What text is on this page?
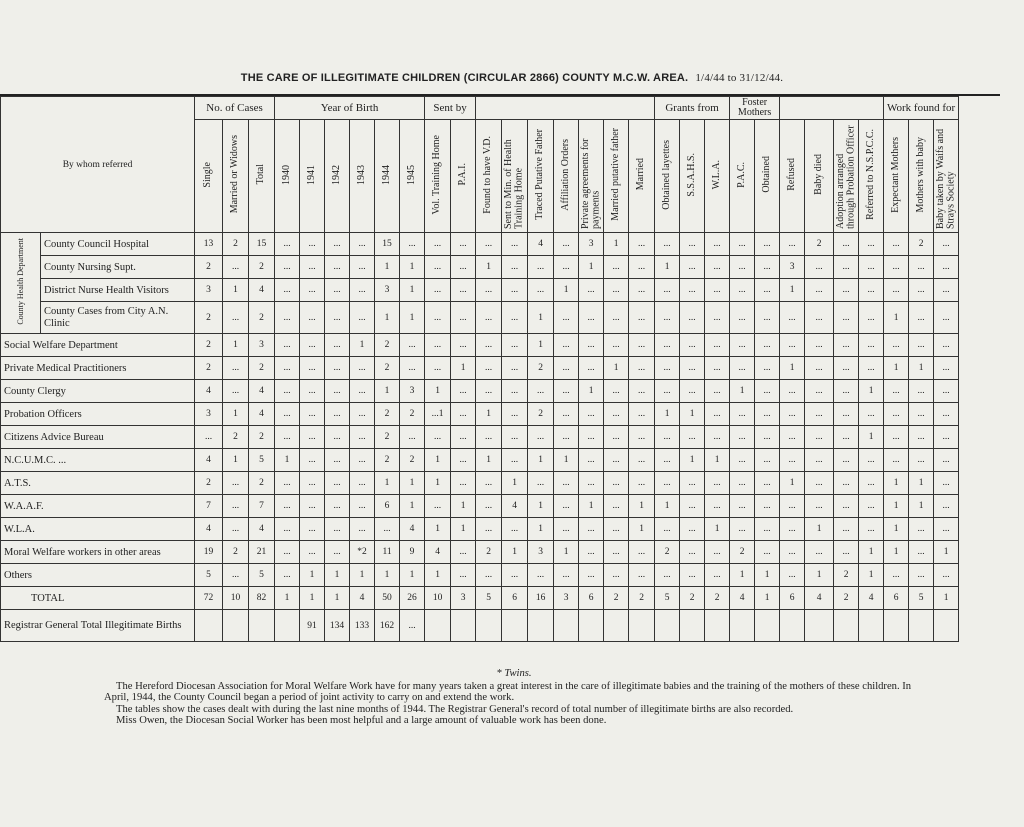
THE CARE OF ILLEGITIMATE CHILDREN (CIRCULAR 2866) COUNTY M.C.W. AREA. 1/4/44 to 31/12/44.
By whom referred		No. of Cases			Year of Birth						Sent by									Grants from			Foster Mothers						Work found for		
		Single	Married or Widows	Total	1940	1941	1942	1943	1944	1945	Vol. Training Home	P.A.I.	Found to have V.D.	Sent to Min. of Health Training Home	Traced Putative Father	Affiliation Orders	Private agreements for payments	Married putative father	Married	Obtained layettes	S.S.A.H.S.	W.L.A.	P.A.C.	Obtained	Refused	Baby died	Adoption arranged through Probation Officer	Referred to N.S.P.C.C.	Expectant Mothers	Mothers with baby	Baby taken by Waifs and Strays Society
County Health Department	County Council Hospital	13	2	15	...	...	...	...	15	...	...	...	...	...	4	...	3	1	...	...	...	...	...	...	...	2	...	...	...	2	...
	County Nursing Supt.	2	...	2	...	...	...	...	1	1	...	...	1	...	...	...	1	...	...	1	...	...	...	...	3	...	...	...	...	...	...
	District Nurse Health Visitors	3	1	4	...	...	...	...	3	1	...	...	...	...	...	1	...	...	...	...	...	...	...	...	1	...	...	...	...	...	...
	County Cases from City A.N. Clinic	2	...	2	...	...	...	...	1	1	...	...	...	...	1	...	...	...	...	...	...	...	...	...	...	...	...	...	1	...	...
Social Welfare Department		2	1	3	...	...	...	1	2	...	...	...	...	...	1	...	...	...	...	...	...	...	...	...	...	...	...	...	...	...	...
Private Medical Practitioners		2	...	2	...	...	...	...	2	...	...	1	...	...	2	...	...	1	...	...	...	...	...	...	1	...	...	...	1	1	...
County Clergy		4	...	4	...	...	...	...	1	3	1	...	...	...	...	...	1	...	...	...	...	...	1	...	...	...	...	1	...	...	...
Probation Officers		3	1	4	...	...	...	...	2	2	...1	...	1	...	2	...	...	...	...	1	1	...	...	...	...	...	...	...	...	...	...
Citizens Advice Bureau		...	2	2	...	...	...	...	2	...	...	...	...	...	...	...	...	...	...	...	...	...	...	...	...	...	...	1	...	...	...
N.C.U.M.C. ...		4	1	5	1	...	...	...	2	2	1	...	1	...	1	1	...	...	...	...	1	1	...	...	...	...	...	...	...	...	...
A.T.S.		2	...	2	...	...	...	...	1	1	1	...	...	1	...	...	...	...	...	...	...	...	...	...	1	...	...	...	1	1	...
W.A.A.F.		7	...	7	...	...	...	...	6	1	...	1	...	4	1	...	1	...	1	1	...	...	...	...	...	...	...	...	1	1	...
W.L.A.		4	...	4	...	...	...	...	...	4	1	1	...	...	1	...	...	...	1	...	...	1	...	...	...	1	...	...	1	...	...
Moral Welfare workers in other areas		19	2	21	...	...	...	*2	11	9	4	...	2	1	3	1	...	...	...	2	...	...	2	...	...	...	...	1	1	...	1
Others		5	...	5	...	1	1	1	1	1	1	...	...	...	...	...	...	...	...	...	...	...	1	1	...	1	2	1	...	...	...
TOTAL		72	10	82	1	1	1	4	50	26	10	3	5	6	16	3	6	2	2	5	2	2	4	1	6	4	2	4	6	5	1
Registrar General Total Illegitimate Births						91	134	133	162	...																					
* Twins.

The Hereford Diocesan Association for Moral Welfare Work have for many years taken a great interest in the care of illegitimate babies and the training of the mothers of these children. In April, 1944, the County Council began a period of joint activity to carry on and extend the work.

The tables show the cases dealt with during the last nine months of 1944. The Registrar General's record of total number of illegitimate births are also recorded.

Miss Owen, the Diocesan Social Worker has been most helpful and a large amount of valuable work has been done.
